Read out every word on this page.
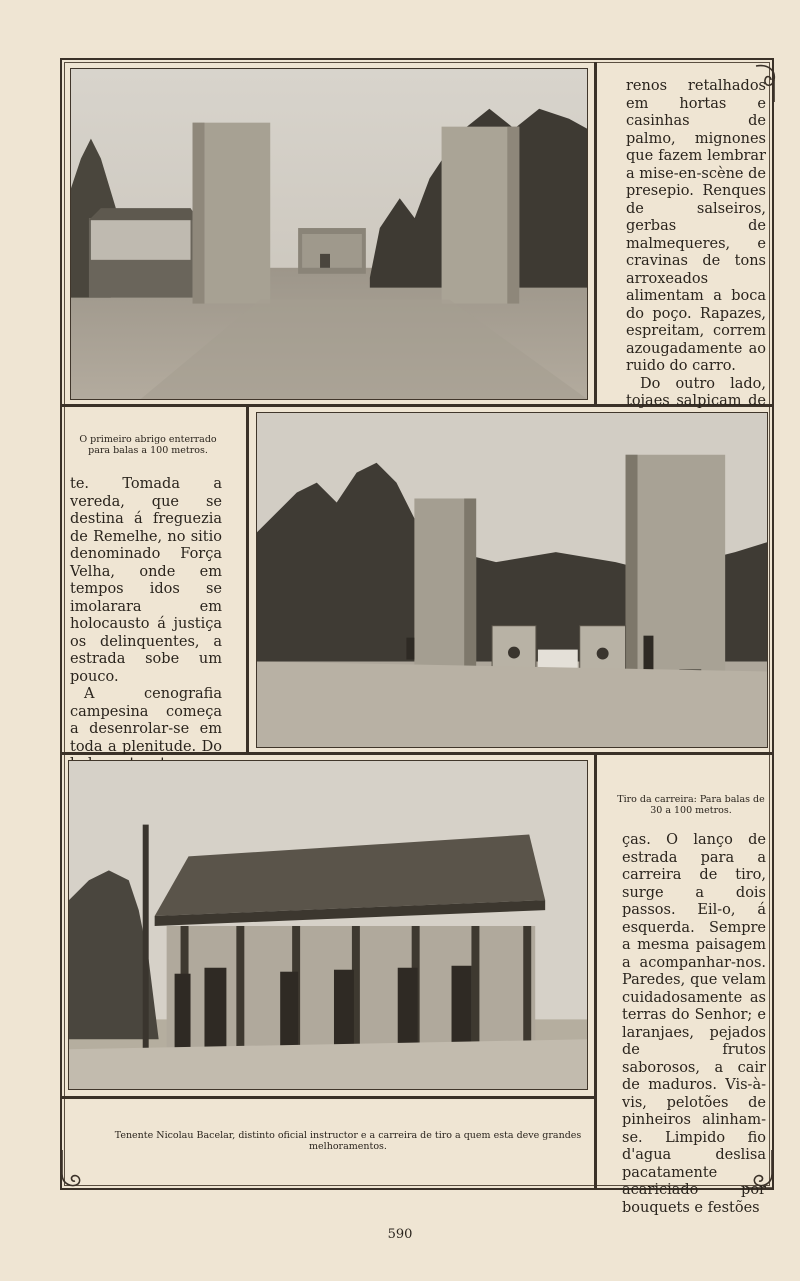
renos retalhados em hortas e casinhas de palmo, mignones que fazem lembrar a mise-en-scène de presepio. Renques de salseiros, gerbas de malmequeres, e cravinas de tons arroxeados alimentam a boca do poço. Rapazes, espreitam, correm azougadamente ao ruido do carro.

Do outro lado, tojaes salpicam de

O primeiro abrigo enterrado para balas a 100 metros.

te. Tomada a vereda, que se destina á freguezia de Remelhe, no sitio denominado Força Velha, onde em tempos idos se imolarara em holocausto á justiça os delinquentes, a estrada sobe um pouco.

A cenografia campesina começa a desenrolar-se em toda a plenitude. Do

Tiro da carreira: Para balas de 30 a 100 metros.

ças. O lanço de estrada para a carreira de tiro, surge a dois passos. Eil-o, á esquerda. Sempre a mesma paisagem a acompanhar-nos. Paredes, que velam cuidadosamente as terras do Senhor; e laranjaes, pejados de frutos saborosos, a cair de maduros. Vis-à-vis, pelotões de pinheiros alinham-se. Limpido fio d'agua deslisa pacatamente acariciado por bouquets e festões

Tenente Nicolau Bacelar, distinto oficial instructor e a carreira de tiro a quem esta deve grandes melhoramentos.
590
